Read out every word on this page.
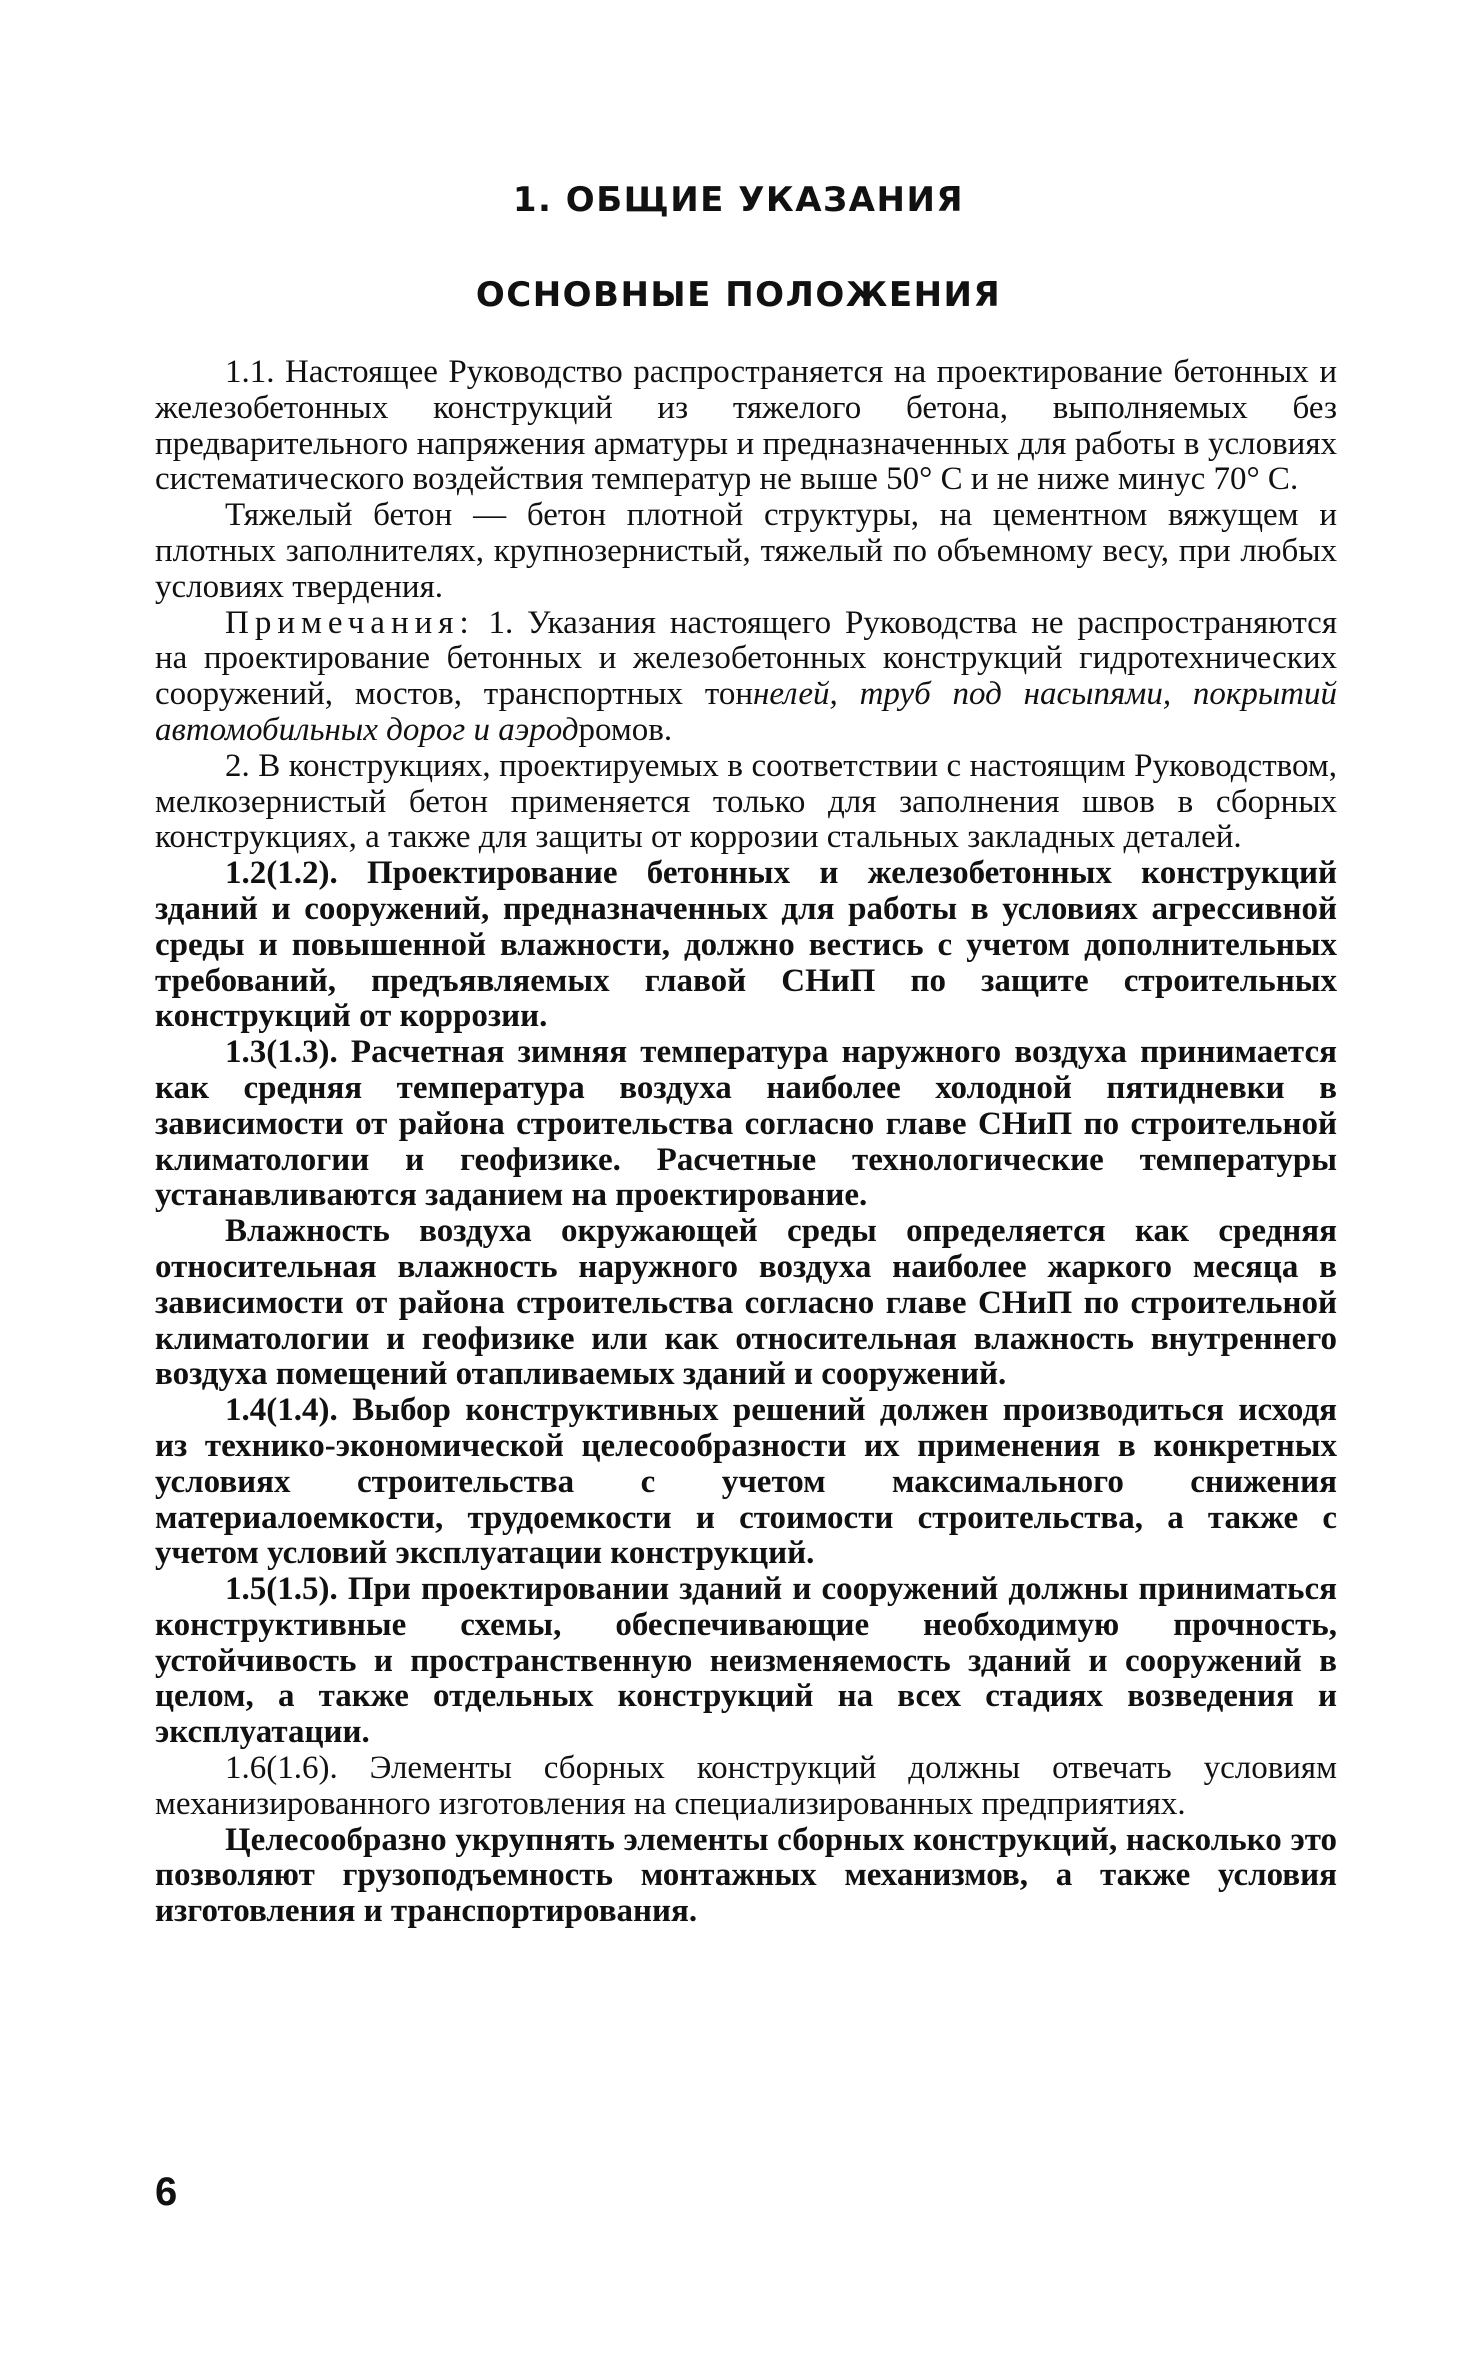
1. ОБЩИЕ УКАЗАНИЯ
ОСНОВНЫЕ ПОЛОЖЕНИЯ

1.1. Настоящее Руководство распространяется на проектирование бетонных и железобетонных конструкций из тяжелого бетона, выполняемых без предварительного напряжения арматуры и предназначенных для работы в условиях систематического воздействия температур не выше 50° С и не ниже минус 70° С.

Тяжелый бетон — бетон плотной структуры, на цементном вяжущем и плотных заполнителях, крупнозернистый, тяжелый по объемному весу, при любых условиях твердения.

Примечания: 1. Указания настоящего Руководства не распространяются на проектирование бетонных и железобетонных конструкций гидротехнических сооружений, мостов, транспортных тоннелей, труб под насыпями, покрытий автомобильных дорог и аэродромов.

2. В конструкциях, проектируемых в соответствии с настоящим Руководством, мелкозернистый бетон применяется только для заполнения швов в сборных конструкциях, а также для защиты от коррозии стальных закладных деталей.

1.2(1.2). Проектирование бетонных и железобетонных конструкций зданий и сооружений, предназначенных для работы в условиях агрессивной среды и повышенной влажности, должно вестись с учетом дополнительных требований, предъявляемых главой СНиП по защите строительных конструкций от коррозии.

1.3(1.3). Расчетная зимняя температура наружного воздуха принимается как средняя температура воздуха наиболее холодной пятидневки в зависимости от района строительства согласно главе СНиП по строительной климатологии и геофизике. Расчетные технологические температуры устанавливаются заданием на проектирование.

Влажность воздуха окружающей среды определяется как средняя относительная влажность наружного воздуха наиболее жаркого месяца в зависимости от района строительства согласно главе СНиП по строительной климатологии и геофизике или как относительная влажность внутреннего воздуха помещений отапливаемых зданий и сооружений.

1.4(1.4). Выбор конструктивных решений должен производиться исходя из технико-экономической целесообразности их применения в конкретных условиях строительства с учетом максимального снижения материалоемкости, трудоемкости и стоимости строительства, а также с учетом условий эксплуатации конструкций.

1.5(1.5). При проектировании зданий и сооружений должны приниматься конструктивные схемы, обеспечивающие необходимую прочность, устойчивость и пространственную неизменяемость зданий и сооружений в целом, а также отдельных конструкций на всех стадиях возведения и эксплуатации.

1.6(1.6). Элементы сборных конструкций должны отвечать условиям механизированного изготовления на специализированных предприятиях.

Целесообразно укрупнять элементы сборных конструкций, насколько это позволяют грузоподъемность монтажных механизмов, а также условия изготовления и транспортирования.

6
